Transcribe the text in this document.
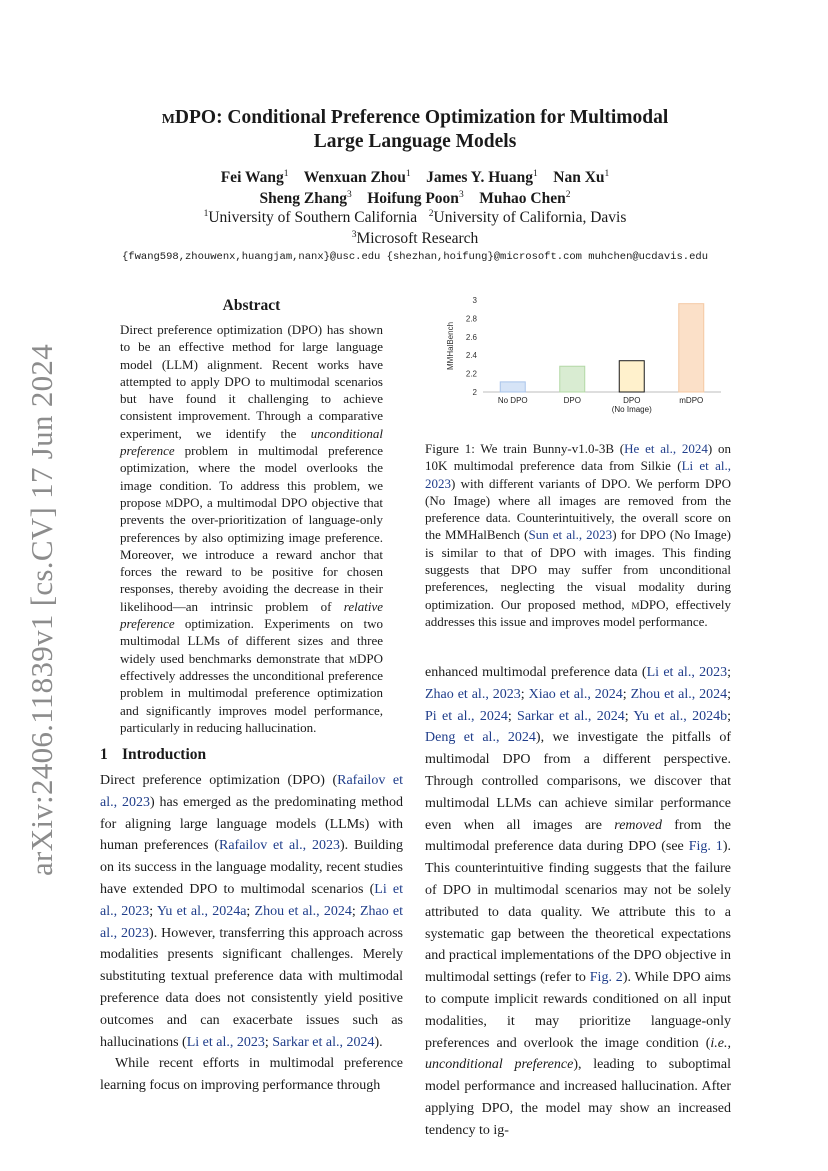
arXiv:2406.11839v1 [cs.CV] 17 Jun 2024
mDPO: Conditional Preference Optimization for Multimodal
Large Language Models
Fei Wang$^1$ Wenxuan Zhou$^1$ James Y. Huang$^1$ Nan Xu$^1$
Sheng Zhang$^3$ Hoifung Poon$^3$ Muhao Chen$^2$
$^1$University of Southern California $^2$University of California, Davis
$^3$Microsoft Research
{fwang598,zhouwenx,huangjam,nanx}@usc.edu {shezhan,hoifung}@microsoft.com muhchen@ucdavis.edu
Abstract
Direct preference optimization (DPO) has shown to be an effective method for large language model (LLM) alignment. Recent works have attempted to apply DPO to multimodal scenarios but have found it challenging to achieve consistent improvement. Through a comparative experiment, we identify the unconditional preference problem in multimodal preference optimization, where the model overlooks the image condition. To address this problem, we propose mDPO, a multimodal DPO objective that prevents the over-prioritization of language-only preferences by also optimizing image preference. Moreover, we introduce a reward anchor that forces the reward to be positive for chosen responses, thereby avoiding the decrease in their likelihood—an intrinsic problem of relative preference optimization. Experiments on two multimodal LLMs of different sizes and three widely used benchmarks demonstrate that mDPO effectively addresses the unconditional preference problem in multimodal preference optimization and significantly improves model performance, particularly in reducing hallucination.
1 Introduction

Direct preference optimization (DPO) (Rafailov et al., 2023) has emerged as the predominating method for aligning large language models (LLMs) with human preferences (Rafailov et al., 2023). Building on its success in the language modality, recent studies have extended DPO to multimodal scenarios (Li et al., 2023; Yu et al., 2024a; Zhou et al., 2024; Zhao et al., 2023). However, transferring this approach across modalities presents significant challenges. Merely substituting textual preference data with multimodal preference data does not consistently yield positive outcomes and can exacerbate issues such as hallucinations (Li et al., 2023; Sarkar et al., 2024).

While recent efforts in multimodal preference learning focus on improving performance through

2
2.2
2.4
2.6
2.8
3
MMHalBench
No DPO	DPO	DPO
(No Image)
mDPO
Figure 1: We train Bunny-v1.0-3B (He et al., 2024) on 10K multimodal preference data from Silkie (Li et al., 2023) with different variants of DPO. We perform DPO (No Image) where all images are removed from the preference data. Counterintuitively, the overall score on the MMHalBench (Sun et al., 2023) for DPO (No Image) is similar to that of DPO with images. This finding suggests that DPO may suffer from unconditional preferences, neglecting the visual modality during optimization. Our proposed method, mDPO, effectively addresses this issue and improves model performance.

enhanced multimodal preference data (Li et al., 2023; Zhao et al., 2023; Xiao et al., 2024; Zhou et al., 2024; Pi et al., 2024; Sarkar et al., 2024; Yu et al., 2024b; Deng et al., 2024), we investigate the pitfalls of multimodal DPO from a different perspective. Through controlled comparisons, we discover that multimodal LLMs can achieve similar performance even when all images are removed from the multimodal preference data during DPO (see Fig. 1). This counterintuitive finding suggests that the failure of DPO in multimodal scenarios may not be solely attributed to data quality. We attribute this to a systematic gap between the theoretical expectations and practical implementations of the DPO objective in multimodal settings (refer to Fig. 2). While DPO aims to compute implicit rewards conditioned on all input modalities, it may prioritize language-only preferences and overlook the image condition (i.e., unconditional preference), leading to suboptimal model performance and increased hallucination. After applying DPO, the model may show an increased tendency to ig-
